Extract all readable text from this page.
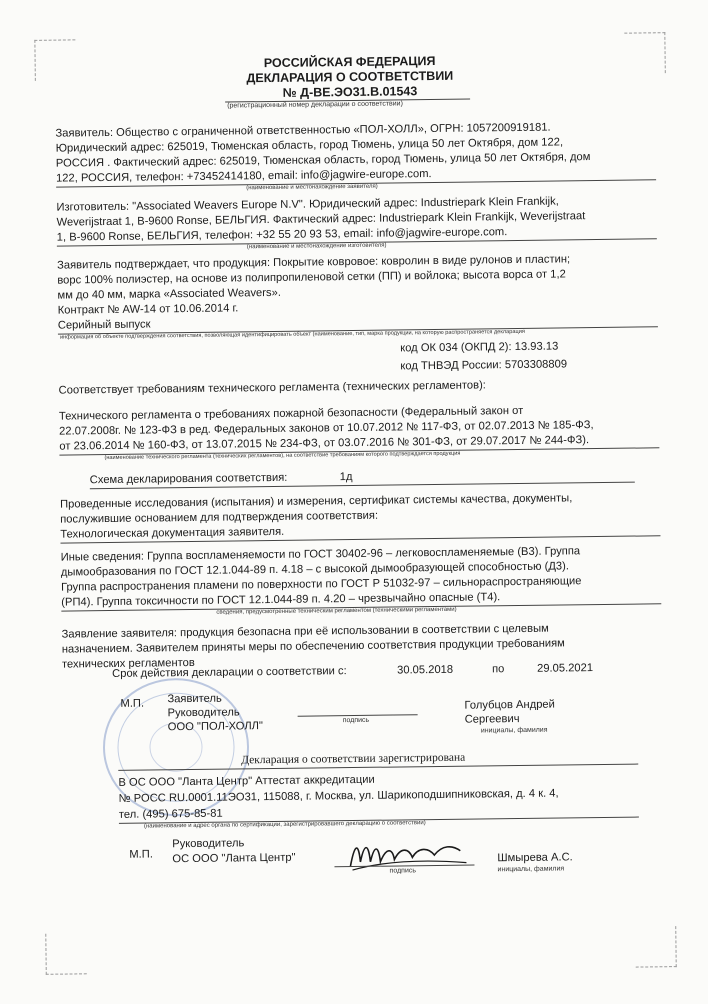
РОССИЙСКАЯ ФЕДЕРАЦИЯ
ДЕКЛАРАЦИЯ О СООТВЕТСТВИИ
№ Д-BE.ЭО31.В.01543
(регистрационный номер декларации о соответствии)
Заявитель: Общество с ограниченной ответственностью «ПОЛ-ХОЛЛ», ОГРН: 1057200919181.
Юридический адрес: 625019, Тюменская область, город Тюмень, улица 50 лет Октября, дом 122,
РОССИЯ . Фактический адрес: 625019, Тюменская область, город Тюмень, улица 50 лет Октября, дом
122, РОССИЯ, телефон: +73452414180, email: info@jagwire-europe.com.
(наименование и местонахождение заявителя)
Изготовитель: "Associated Weavers Europe N.V". Юридический адрес: Industriepark Klein Frankijk,
Weverijstraat 1, B-9600 Ronse, БЕЛЬГИЯ. Фактический адрес: Industriepark Klein Frankijk, Weverijstraat
1, B-9600 Ronse, БЕЛЬГИЯ, телефон: +32 55 20 93 53, email: info@jagwire-europe.com.
(наименование и местонахождение изготовителя)
Заявитель подтверждает, что продукция: Покрытие ковровое: ковролин в виде рулонов и пластин;
ворс 100% полиэстер, на основе из полипропиленовой сетки (ПП) и войлока; высота ворса от 1,2
мм до 40 мм, марка «Associated Weavers».
Контракт № AW-14 от 10.06.2014 г.
Серийный выпуск
информация об объекте подтверждения соответствия, позволяющая идентифицировать объект (наименование, тип, марка продукции, на которую распространяется декларация
код ОК 034 (ОКПД 2): 13.93.13
код ТНВЭД России: 5703308809
Соответствует требованиям технического регламента (технических регламентов):
Технического регламента о требованиях пожарной безопасности (Федеральный закон от
22.07.2008г. № 123-ФЗ в ред. Федеральных законов от 10.07.2012 № 117-ФЗ, от 02.07.2013 № 185-ФЗ,
от 23.06.2014 № 160-ФЗ, от 13.07.2015 № 234-ФЗ, от 03.07.2016 № 301-ФЗ, от 29.07.2017 № 244-ФЗ).
(наименование технического регламента (технических регламентов), на соответствие требованиям которого подтверждается продукция
Схема декларирования соответствия:	1д
Проведенные исследования (испытания) и измерения, сертификат системы качества, документы,
послужившие основанием для подтверждения соответствия:
Технологическая документация заявителя.
Иные сведения: Группа воспламеняемости по ГОСТ 30402-96 – легковоспламеняемые (В3). Группа
дымообразования по ГОСТ 12.1.044-89 п. 4.18 – с высокой дымообразующей способностью (Д3).
Группа распространения пламени по поверхности по ГОСТ Р 51032-97 – сильнораспространяющие
(РП4). Группа токсичности по ГОСТ 12.1.044-89 п. 4.20 – чрезвычайно опасные (Т4).
сведения, предусмотренные техническим регламентом (техническими регламентами)
Заявление заявителя: продукция безопасна при её использовании в соответствии с целевым
назначением. Заявителем приняты меры по обеспечению соответствия продукции требованиям
технических регламентов
Срок действия декларации о соответствии с:	30.05.2018	по	29.05.2021
М.П. Заявитель
Руководитель
ООО "ПОЛ-ХОЛЛ"	подпись
Голубцов Андрей
Сергеевич
инициалы, фамилия
Декларация о соответствии зарегистрирована
В ОС ООО "Ланта Центр" Аттестат аккредитации
№ РОСС RU.0001.11ЭО31, 115088, г. Москва, ул. Шарикоподшипниковская, д. 4 к. 4,
тел. (495) 675-85-81
(наименование и адрес органа по сертификации, зарегистрировавшего декларацию о соответствии)
М.П.
Руководитель
ОС ООО "Ланта Центр"
подпись
Шмырева А.С.
инициалы, фамилия
